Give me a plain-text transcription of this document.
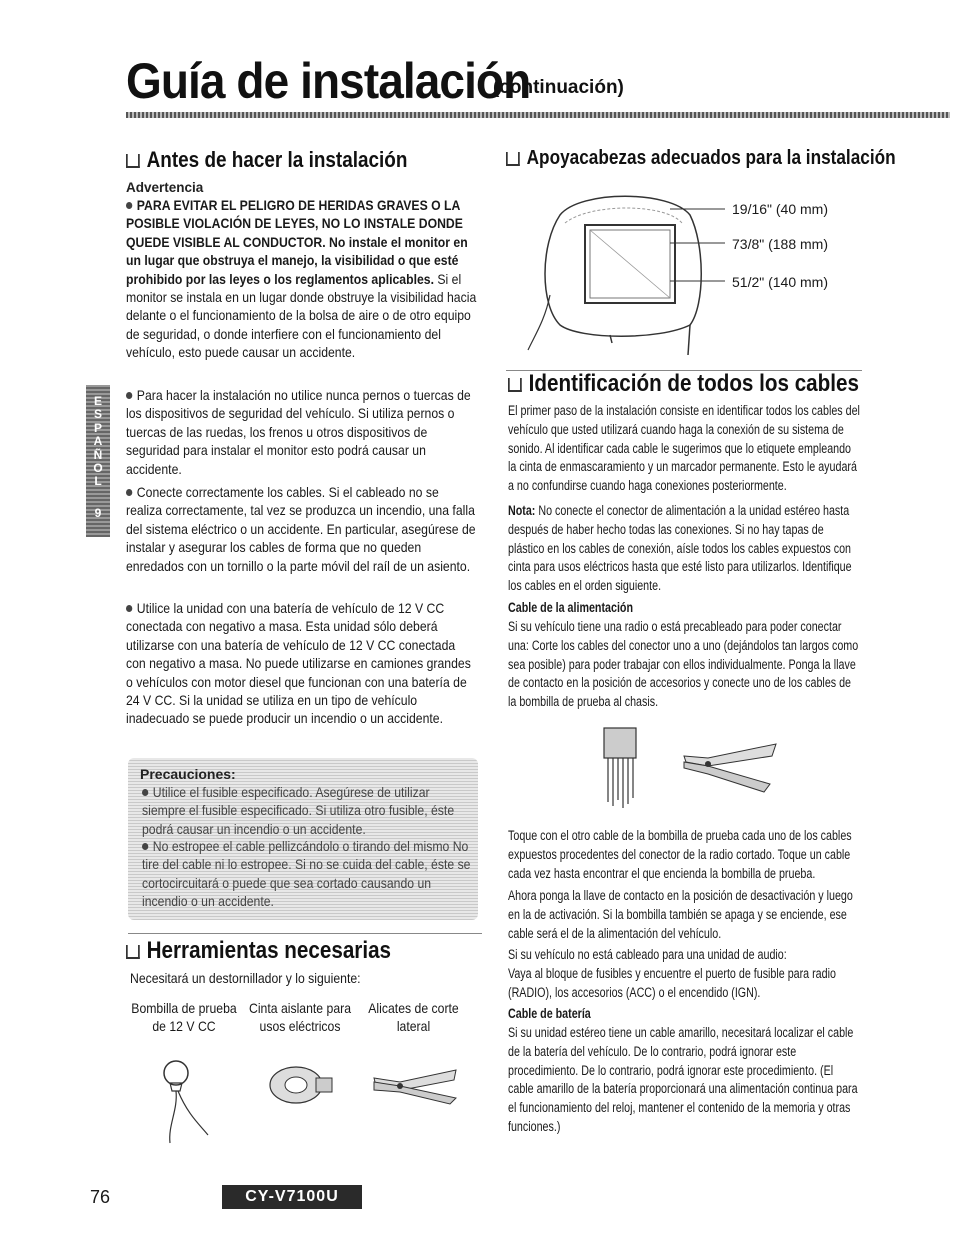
Guía de instalación
(continuación)
E
S
P
A
Ñ
O
L
9
Antes de hacer la instalación
Advertencia

PARA EVITAR EL PELIGRO DE HERIDAS GRAVES O LA POSIBLE VIOLACIÓN DE LEYES, NO LO INSTALE DONDE QUEDE VISIBLE AL CONDUCTOR. No instale el monitor en un lugar que obstruya el manejo, la visibilidad o que esté prohibido por las leyes o los reglamentos aplicables. Si el monitor se instala en un lugar donde obstruye la visibilidad hacia delante o el funcionamiento de la bolsa de aire o de otro equipo de seguridad, o donde interfiere con el funcionamiento del vehículo, esto puede causar un accidente.

Para hacer la instalación no utilice nunca pernos o tuercas de los dispositivos de seguridad del vehículo. Si utiliza pernos o tuercas de las ruedas, los frenos u otros dispositivos de seguridad para instalar el monitor esto podrá causar un accidente.

Conecte correctamente los cables. Si el cableado no se realiza correctamente, tal vez se produzca un incendio, una falla del sistema eléctrico o un accidente. En particular, asegúrese de instalar y asegurar los cables de forma que no queden enredados con un tornillo o la parte móvil del raíl de un asiento.

Utilice la unidad con una batería de vehículo de 12 V CC conectada con negativo a masa. Esta unidad sólo deberá utilizarse con una batería de vehículo de 12 V CC conectada con negativo a masa. No puede utilizarse en camiones grandes o vehículos con motor diesel que funcionan con una batería de 24 V CC. Si la unidad se utiliza en un tipo de vehículo inadecuado se puede producir un incendio o un accidente.

Precauciones:

Utilice el fusible especificado. Asegúrese de utilizar siempre el fusible especificado. Si utiliza otro fusible, éste podrá causar un incendio o un accidente.

No estropee el cable pellizcándolo o tirando del mismo No tire del cable ni lo estropee. Si no se cuida del cable, éste se cortocircuitará o puede que sea cortado causando un incendio o un accidente.

Herramientas necesarias
Necesitará un destornillador y lo siguiente:
Bombilla de prueba de 12 V CC
Cinta aislante para usos eléctricos
Alicates de corte lateral
Apoyacabezas adecuados para la instalación
19/16" (40 mm)
73/8" (188 mm)
51/2" (140 mm)
Identificación de todos los cables
El primer paso de la instalación consiste en identificar todos los cables del vehículo que usted utilizará cuando haga la conexión de su sistema de sonido. Al identificar cada cable le sugerimos que lo etiquete empleando la cinta de enmascaramiento y un marcador permanente. Esto le ayudará a no confundirse cuando haga conexiones posteriormente.
Nota: No conecte el conector de alimentación a la unidad estéreo hasta después de haber hecho todas las conexiones. Si no hay tapas de plástico en los cables de conexión, aísle todos los cables expuestos con cinta para usos eléctricos hasta que esté listo para utilizarlos. Identifique los cables en el orden siguiente.
Cable de la alimentación
Si su vehículo tiene una radio o está precableado para poder conectar una: Corte los cables del conector uno a uno (dejándolos tan largos como sea posible) para poder trabajar con ellos individualmente. Ponga la llave de contacto en la posición de accesorios y conecte uno de los cables de la bombilla de prueba al chasis.
Toque con el otro cable de la bombilla de prueba cada uno de los cables expuestos procedentes del conector de la radio cortado. Toque un cable cada vez hasta encontrar el que encienda la bombilla de prueba.
Ahora ponga la llave de contacto en la posición de desactivación y luego en la de activación. Si la bombilla también se apaga y se enciende, ese cable será el de la alimentación del vehículo.
Si su vehículo no está cableado para una unidad de audio:
Vaya al bloque de fusibles y encuentre el puerto de fusible para radio (RADIO), los accesorios (ACC) o el encendido (IGN).
Cable de batería
Si su unidad estéreo tiene un cable amarillo, necesitará localizar el cable de la batería del vehículo. De lo contrario, podrá ignorar este procedimiento. De lo contrario, podrá ignorar este procedimiento. (El cable amarillo de la batería proporcionará una alimentación continua para el funcionamiento del reloj, mantener el contenido de la memoria y otras funciones.)
76	CY-V7100U
